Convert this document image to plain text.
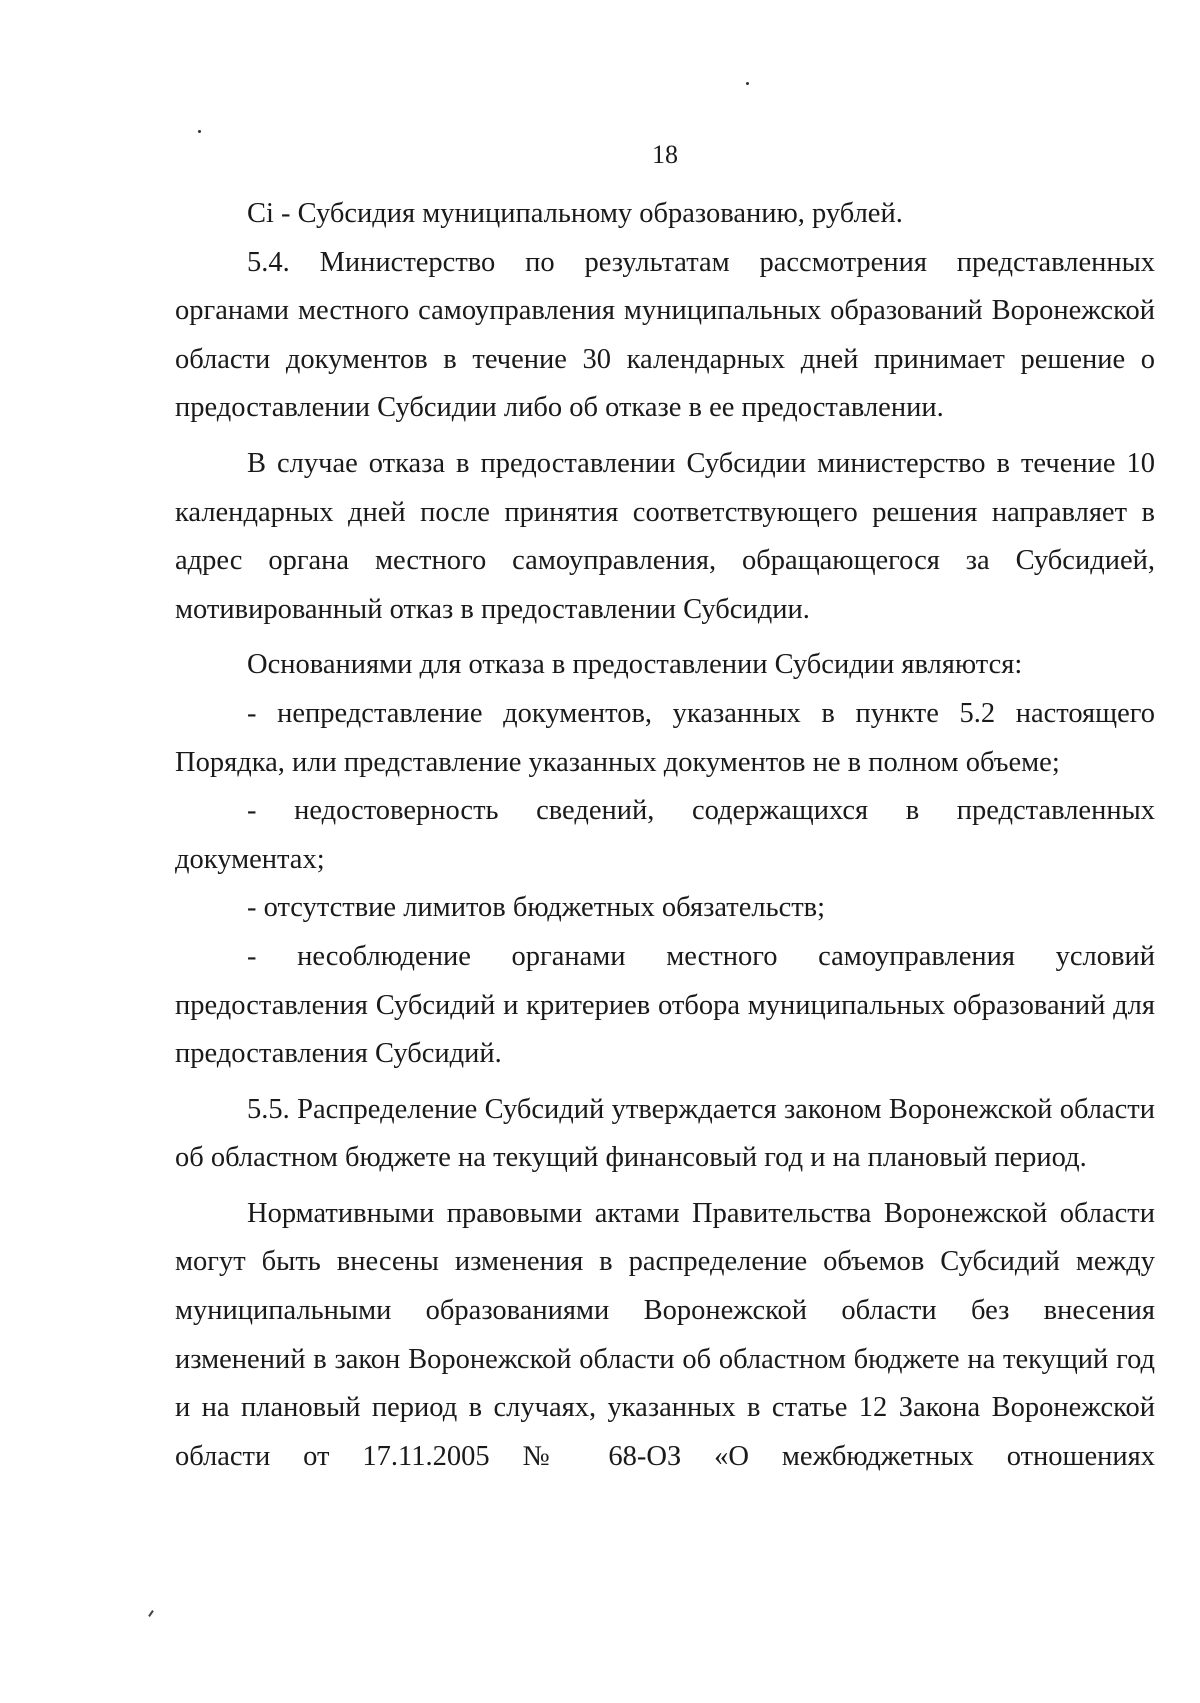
18

Сi - Субсидия муниципальному образованию, рублей.

5.4. Министерство по результатам рассмотрения представленных органами местного самоуправления муниципальных образований Воронежской области документов в течение 30 календарных дней принимает решение о предоставлении Субсидии либо об отказе в ее предоставлении.

В случае отказа в предоставлении Субсидии министерство в течение 10 календарных дней после принятия соответствующего решения направляет в адрес органа местного самоуправления, обращающегося за Субсидией, мотивированный отказ в предоставлении Субсидии.

Основаниями для отказа в предоставлении Субсидии являются:

- непредставление документов, указанных в пункте 5.2 настоящего Порядка, или представление указанных документов не в полном объеме;

- недостоверность сведений, содержащихся в представленных документах;

- отсутствие лимитов бюджетных обязательств;

- несоблюдение органами местного самоуправления условий предоставления Субсидий и критериев отбора муниципальных образований для предоставления Субсидий.

5.5. Распределение Субсидий утверждается законом Воронежской области об областном бюджете на текущий финансовый год и на плановый период.

Нормативными правовыми актами Правительства Воронежской области могут быть внесены изменения в распределение объемов Субсидий между муниципальными образованиями Воронежской области без внесения изменений в закон Воронежской области об областном бюджете на текущий год и на плановый период в случаях, указанных в статье 12 Закона Воронежской области от 17.11.2005 № 68-ОЗ «О межбюджетных отношениях
